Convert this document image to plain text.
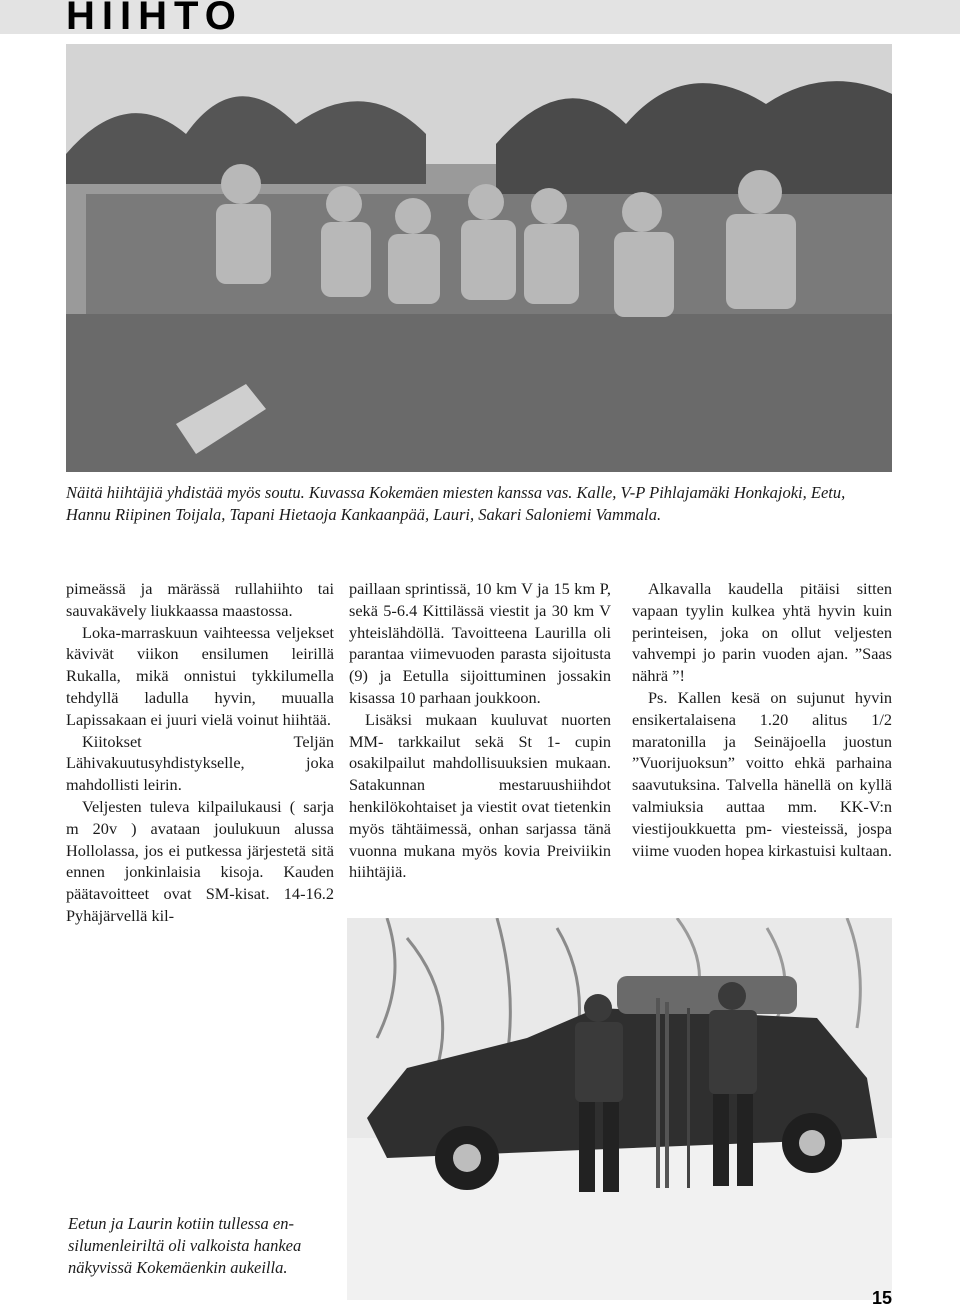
HIIHTO
Näitä hiihtäjiä yhdistää myös soutu. Kuvassa Kokemäen miesten kanssa vas. Kalle, V-P Pihlajamäki Honkajoki, Eetu,
Hannu Riipinen Toijala, Tapani Hietaoja Kankaanpää, Lauri, Sakari Saloniemi Vammala.

pimeässä ja märässä rullahiihto tai sauvakävely liukkaassa maastossa.

Loka-marraskuun vaihteessa veljekset kävivät viikon ensilumen leirillä Rukalla, mikä onnistui tykkilumella tehdyllä ladulla hyvin, muualla Lapissakaan ei juuri vielä voinut hiihtää.

Kiitokset Teljän Lähivakuutusyhdistykselle, joka mahdollisti leirin.

Veljesten tuleva kilpailukausi ( sarja m 20v ) avataan joulukuun alussa Hollolassa, jos ei putkessa järjestetä sitä ennen jonkinlaisia kisoja. Kauden päätavoitteet ovat SM-kisat. 14-16.2 Pyhäjärvellä kil-

paillaan sprintissä, 10 km V ja 15 km P, sekä 5-6.4 Kittilässä viestit ja 30 km V yhteislähdöllä. Tavoitteena Laurilla oli parantaa viimevuoden parasta sijoitusta (9) ja Eetulla sijoittuminen jossakin kisassa 10 parhaan joukkoon.

Lisäksi mukaan kuuluvat nuorten MM- tarkkailut sekä St 1- cupin osakilpailut mahdollisuuksien mukaan. Satakunnan mestaruushiihdot henkilökohtaiset ja viestit ovat tietenkin myös tähtäimessä, onhan sarjassa tänä vuonna mukana myös kovia Preiviikin hiihtäjiä.

Alkavalla kaudella pitäisi sitten vapaan tyylin kulkea yhtä hyvin kuin perinteisen, joka on ollut veljesten vahvempi jo parin vuoden ajan. ”Saas nährä ”!

Ps. Kallen kesä on sujunut hyvin ensikertalaisena 1.20 alitus 1/2 maratonilla ja Seinäjoella juostun ”Vuorijuoksun” voitto ehkä parhaina saavutuksina. Talvella hänellä on kyllä valmiuksia auttaa mm. KK-V:n viestijoukkuetta pm- viesteissä, jospa viime vuoden hopea kirkastuisi kultaan.

Eetun ja Laurin kotiin tullessa en-
silumenleiriltä oli valkoista hankea
näkyvissä Kokemäenkin aukeilla.
15
